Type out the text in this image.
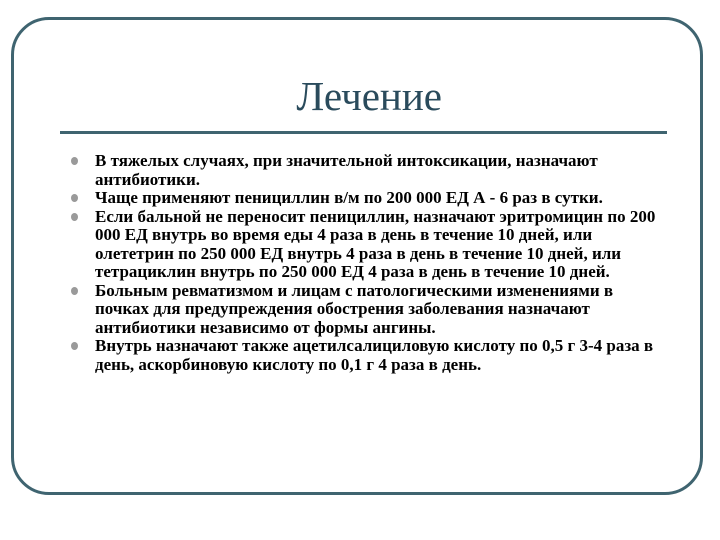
Лечение
В тяжелых случаях, при значительной интоксикации, назначают антибиотики.
Чаще применяют пенициллин в/м по 200 000 ЕД А - 6 раз в сутки.
Если бальной не переносит пенициллин, назначают эритромицин по 200 000 ЕД внутрь во время еды 4 раза в день в течение 10 дней, или олететрин по 250 000 ЕД внутрь 4 раза в день в течение 10 дней, или тетрациклин внутрь по 250 000 ЕД 4 раза в день в течение 10 дней.
Больным ревматизмом и лицам с патологическими изменениями в почках для предупреждения обострения заболевания назначают антибиотики независимо от формы ангины.
Внутрь назначают также ацетилсалициловую кислоту по 0,5 г 3-4 раза в день, аскорбиновую кислоту по 0,1 г 4 раза в день.
